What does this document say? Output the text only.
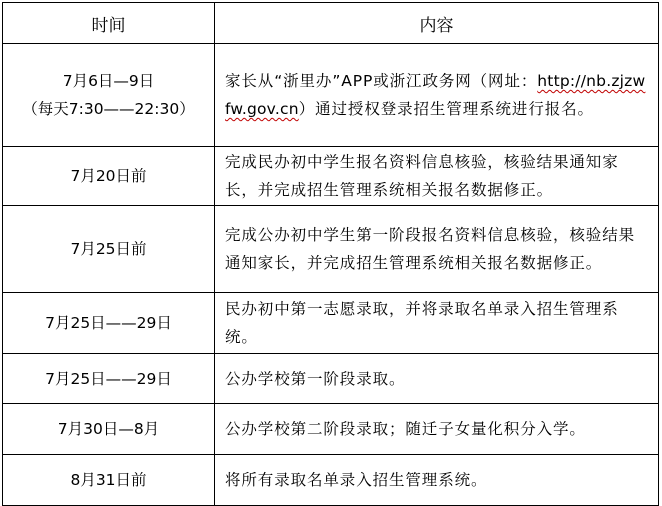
时间	内容

7月6日—9日
（每天7:30——22:30）	家长从“浙里办”APP或浙江政务网（网址：http://nb.zjzwfw.gov.cn）通过授权登录招生管理系统进行报名。
7月20日前	完成民办初中学生报名资料信息核验，核验结果通知家长，并完成招生管理系统相关报名数据修正。
7月25日前	完成公办初中学生第一阶段报名资料信息核验，核验结果通知家长，并完成招生管理系统相关报名数据修正。
7月25日——29日	民办初中第一志愿录取，并将录取名单录入招生管理系统。
7月25日——29日	公办学校第一阶段录取。
7月30日—8月	公办学校第二阶段录取；随迁子女量化积分入学。
8月31日前	将所有录取名单录入招生管理系统。
